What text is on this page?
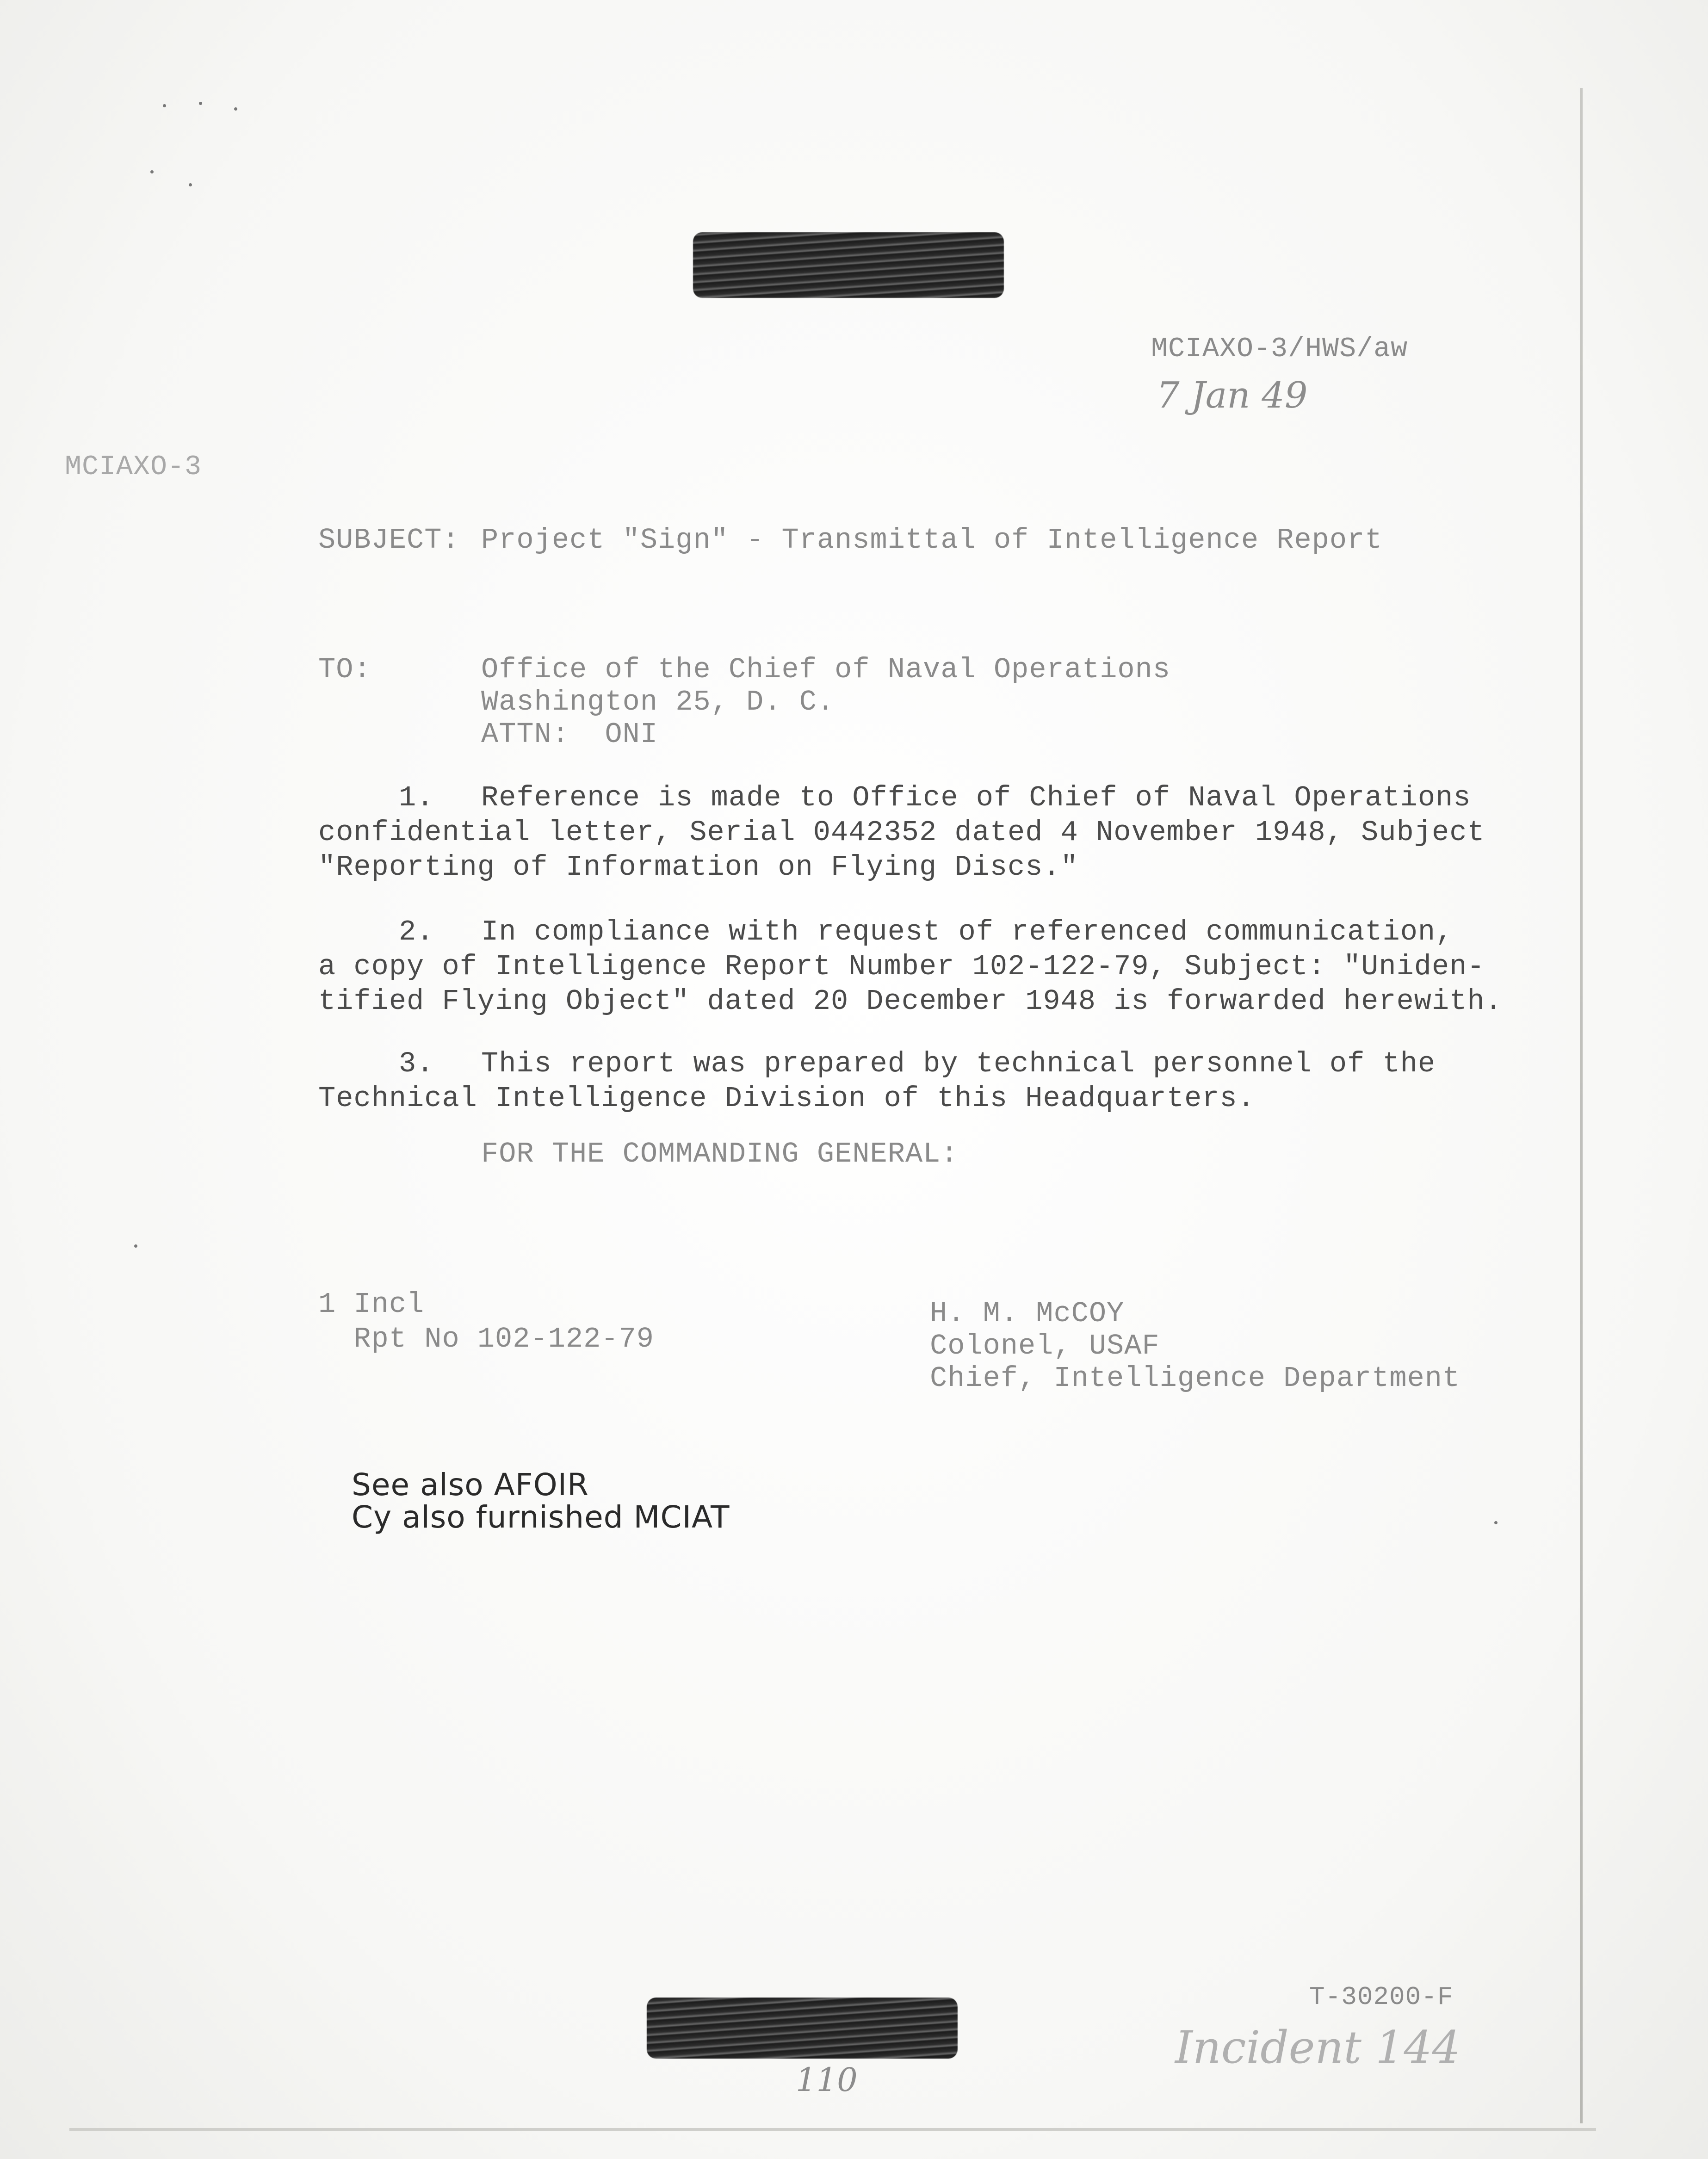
MCIAXO-3/HWS/aw
7 Jan 49
MCIAXO-3
SUBJECT: Project "Sign" - Transmittal of Intelligence Report
TO:	Office of the Chief of Naval Operations
Washington 25, D. C.
ATTN:  ONI
1. Reference is made to Office of Chief of Naval Operations
confidential letter, Serial 0442352 dated 4 November 1948, Subject
"Reporting of Information on Flying Discs."
2. In compliance with request of referenced communication,
a copy of Intelligence Report Number 102-122-79, Subject: "Uniden-
tified Flying Object" dated 20 December 1948 is forwarded herewith.
3. This report was prepared by technical personnel of the
Technical Intelligence Division of this Headquarters.
FOR THE COMMANDING GENERAL:
1 Incl
Rpt No 102-122-79
H. M. McCOY
Colonel, USAF
Chief, Intelligence Department
See also AFOIR
Cy also furnished MCIAT
T-30200-F
Incident 144
110
